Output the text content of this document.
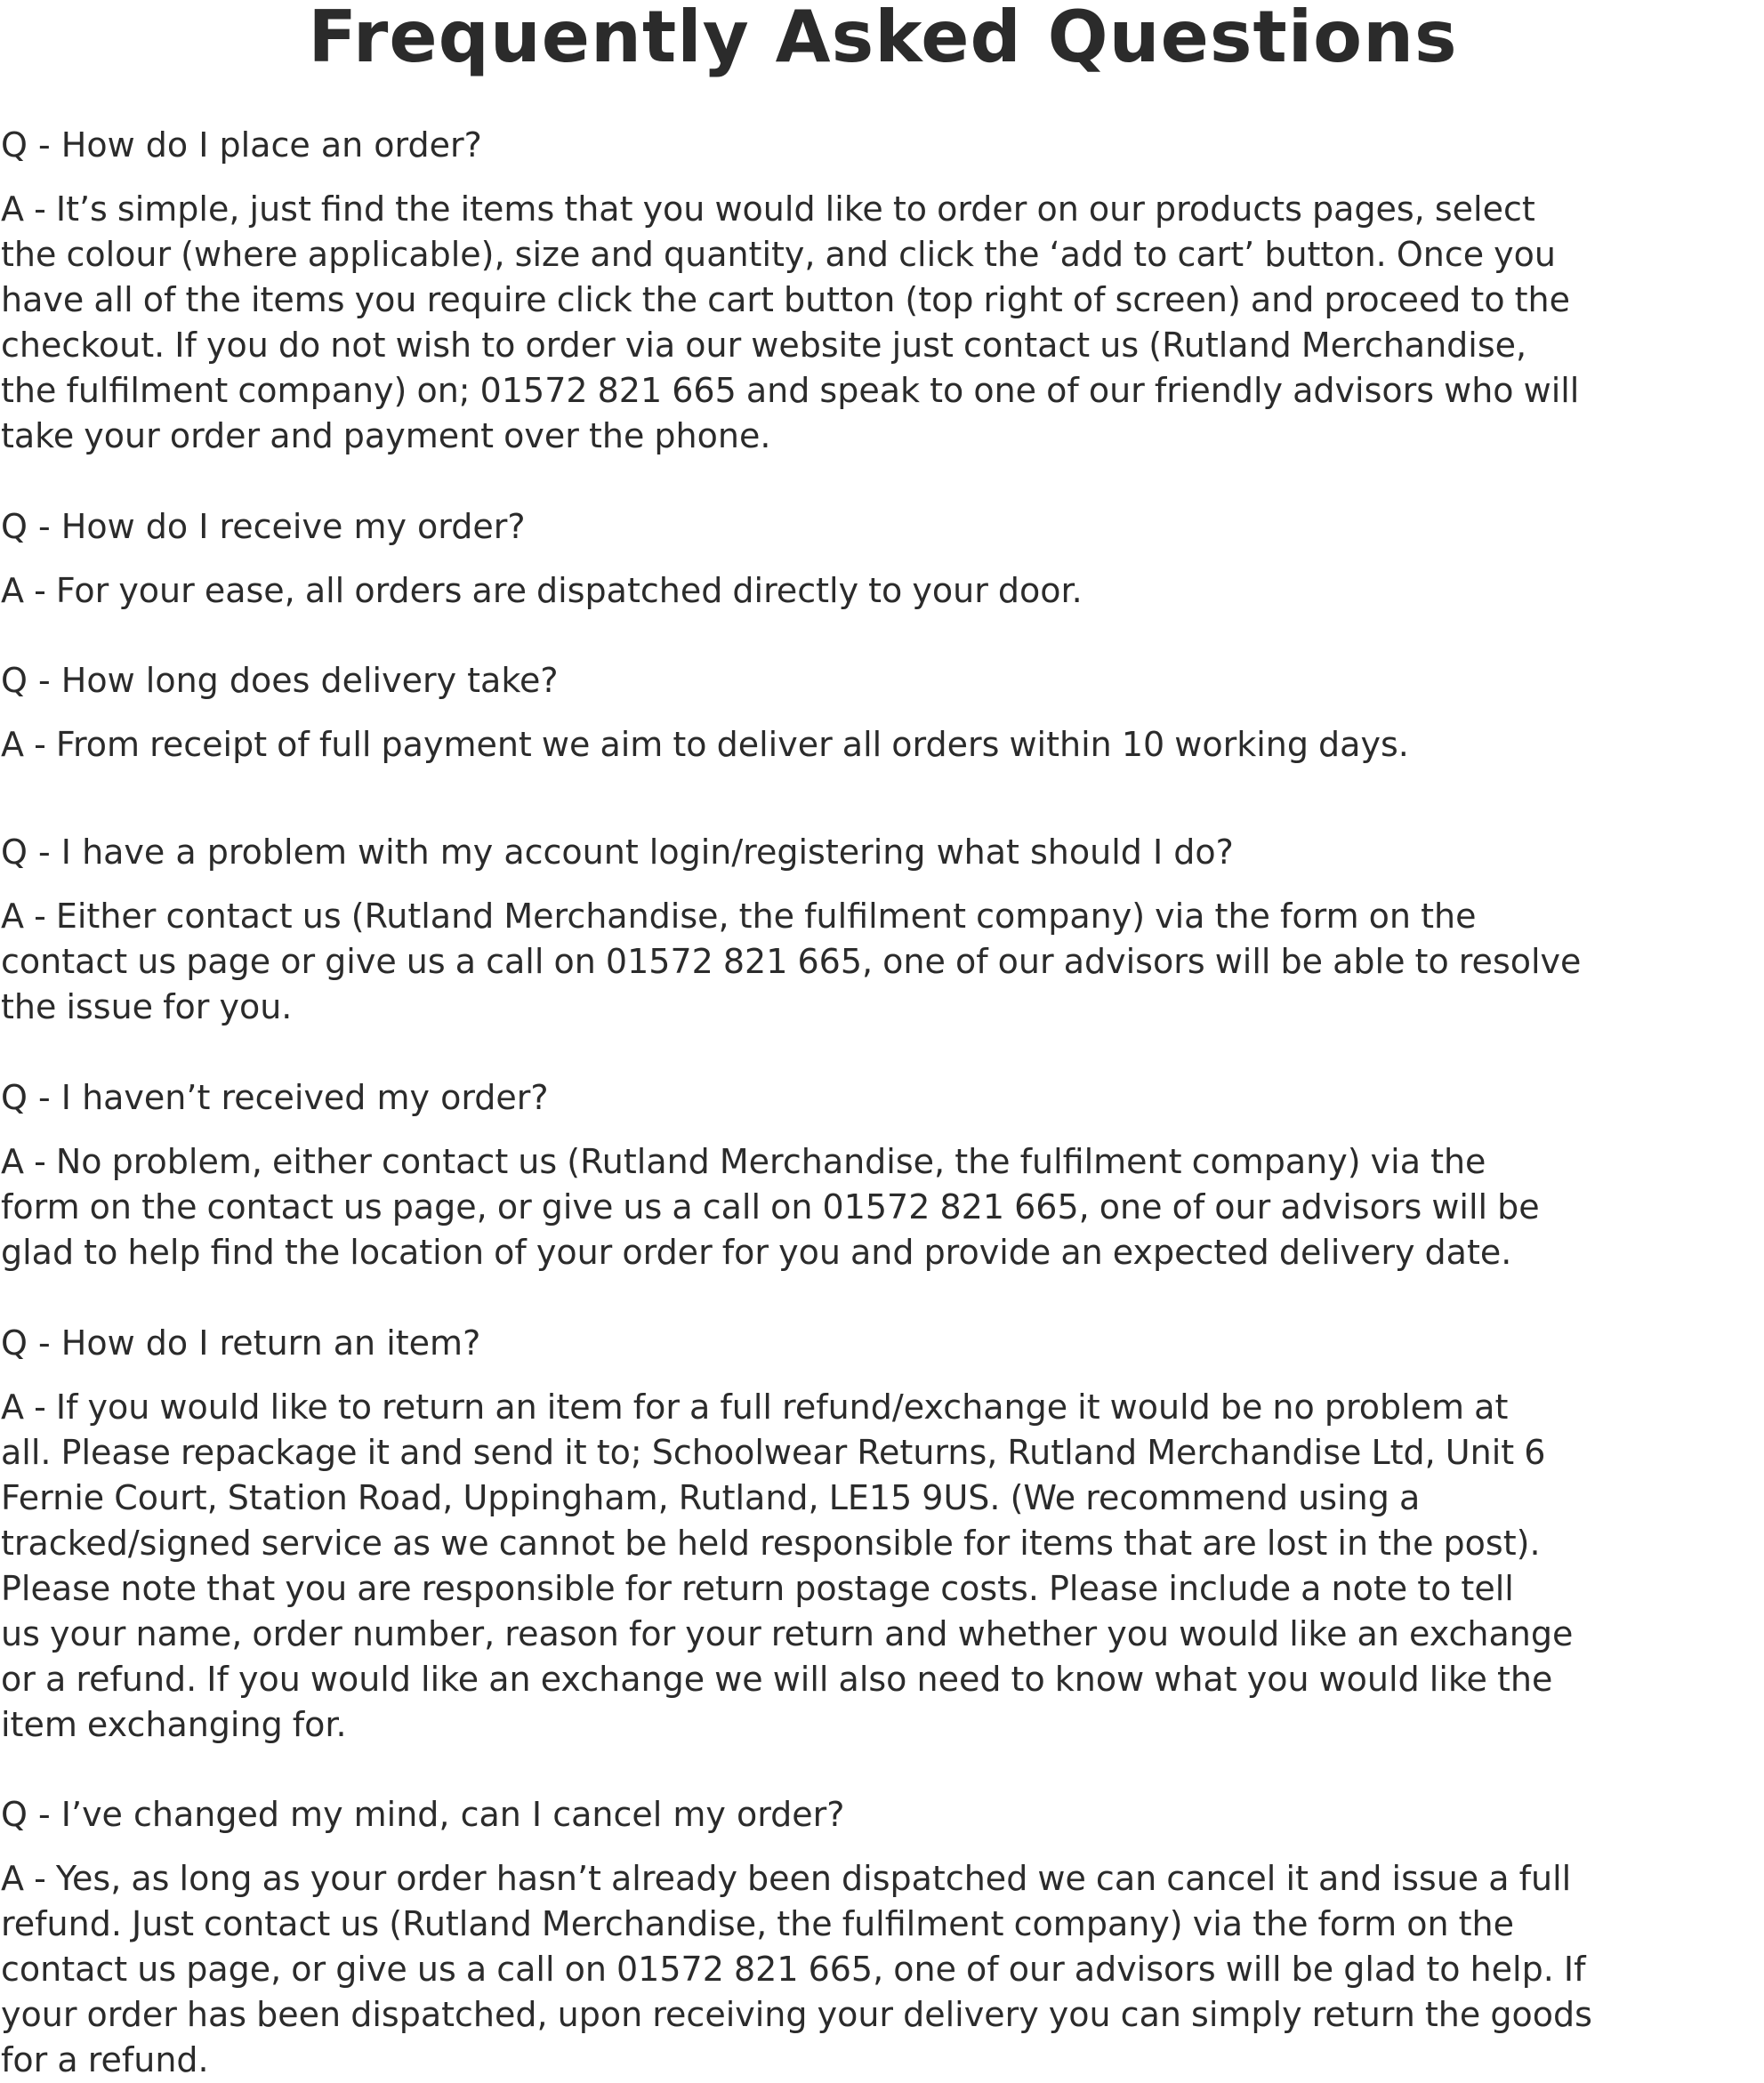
Frequently Asked Questions
Q - How do I place an order?

A - It’s simple, just find the items that you would like to order on our products pages, select
the colour (where applicable), size and quantity, and click the ‘add to cart’ button. Once you
have all of the items you require click the cart button (top right of screen) and proceed to the
checkout. If you do not wish to order via our website just contact us (Rutland Merchandise,
the fulfilment company) on; 01572 821 665 and speak to one of our friendly advisors who will
take your order and payment over the phone.

Q - How do I receive my order?

A - For your ease, all orders are dispatched directly to your door.

Q - How long does delivery take?

A - From receipt of full payment we aim to deliver all orders within 10 working days.

Q - I have a problem with my account login/registering what should I do?

A - Either contact us (Rutland Merchandise, the fulfilment company) via the form on the
contact us page or give us a call on 01572 821 665, one of our advisors will be able to resolve
the issue for you.

Q - I haven’t received my order?

A - No problem, either contact us (Rutland Merchandise, the fulfilment company) via the
form on the contact us page, or give us a call on 01572 821 665, one of our advisors will be
glad to help find the location of your order for you and provide an expected delivery date.

Q - How do I return an item?

A - If you would like to return an item for a full refund/exchange it would be no problem at
all. Please repackage it and send it to; Schoolwear Returns, Rutland Merchandise Ltd, Unit 6
Fernie Court, Station Road, Uppingham, Rutland, LE15 9US. (We recommend using a
tracked/signed service as we cannot be held responsible for items that are lost in the post).
Please note that you are responsible for return postage costs. Please include a note to tell
us your name, order number, reason for your return and whether you would like an exchange
or a refund. If you would like an exchange we will also need to know what you would like the
item exchanging for.

Q - I’ve changed my mind, can I cancel my order?

A - Yes, as long as your order hasn’t already been dispatched we can cancel it and issue a full
refund. Just contact us (Rutland Merchandise, the fulfilment company) via the form on the
contact us page, or give us a call on 01572 821 665, one of our advisors will be glad to help. If
your order has been dispatched, upon receiving your delivery you can simply return the goods
for a refund.
